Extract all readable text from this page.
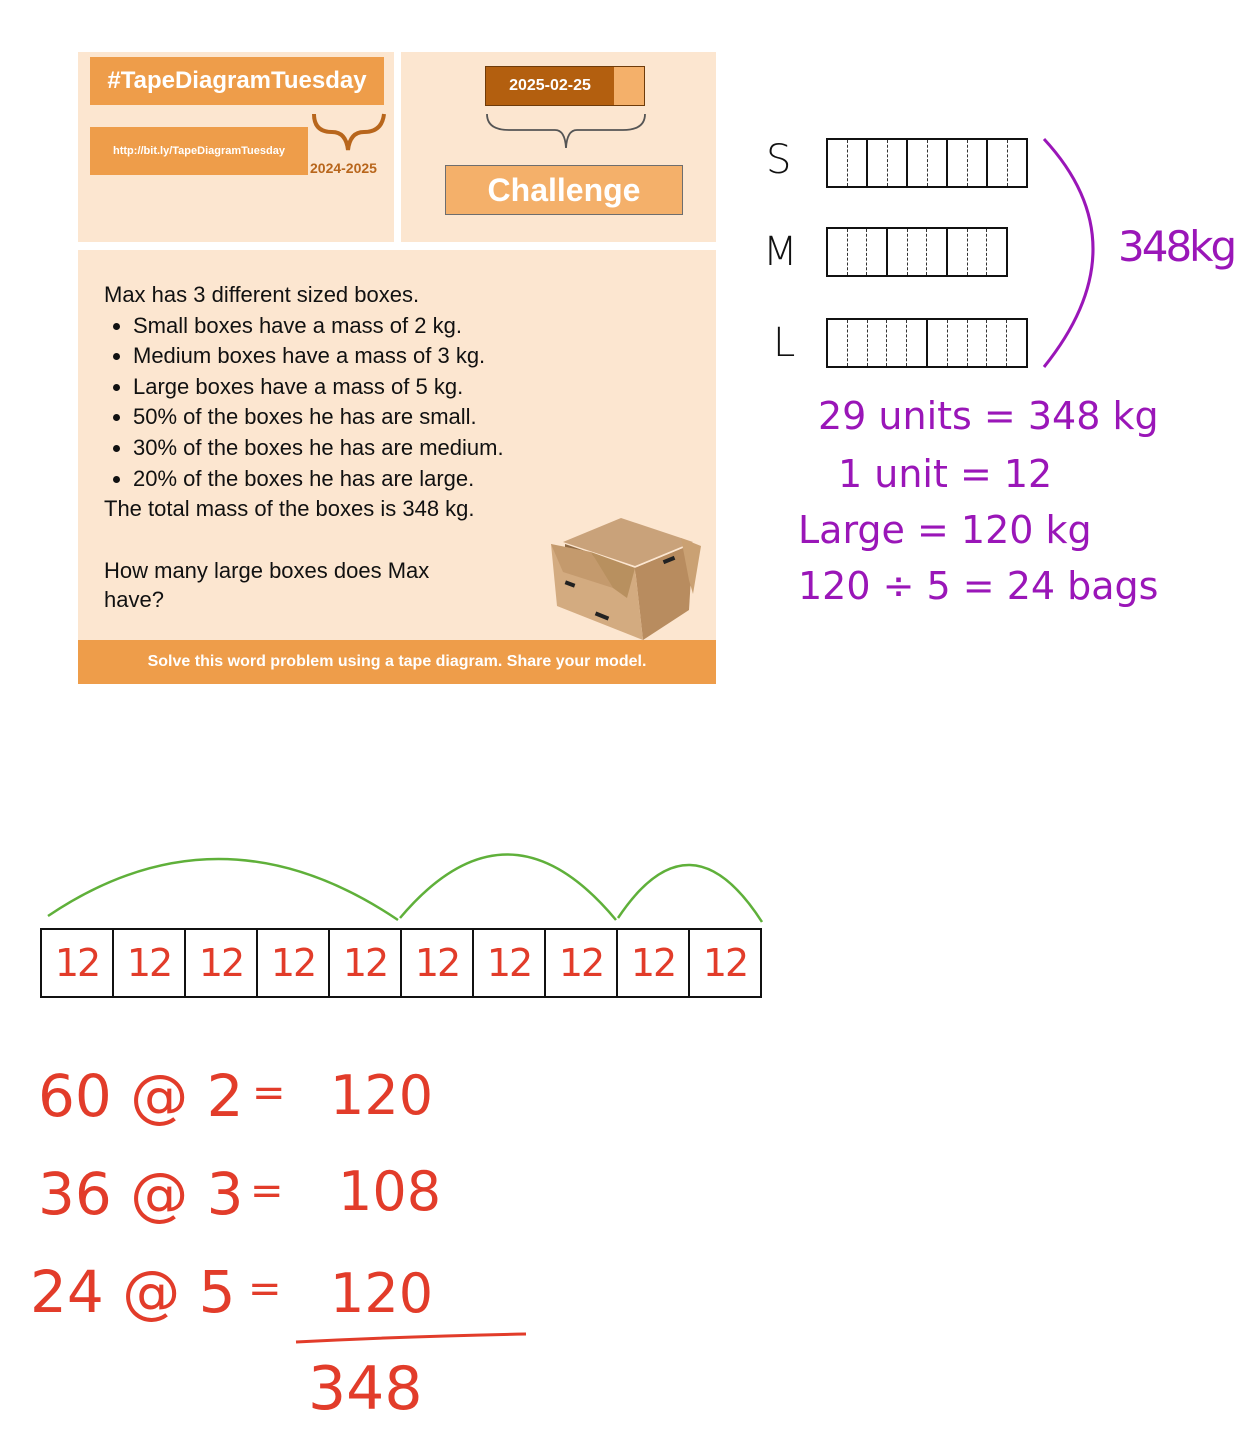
#TapeDiagramTuesday
http://bit.ly/TapeDiagramTuesday
2024-2025
2025-02-25
Challenge
Max has 3 different sized boxes.
• Small boxes have a mass of 2 kg.
• Medium boxes have a mass of 3 kg.
• Large boxes have a mass of 5 kg.
• 50% of the boxes he has are small.
• 30% of the boxes he has are medium.
• 20% of the boxes he has are large.
The total mass of the boxes is 348 kg.
How many large boxes does Max
have?
Solve this word problem using a tape diagram. Share your model.
S
M
L
348kg
29 units = 348 kg
1 unit = 12
Large = 120 kg
120 ÷ 5 = 24 bags
12 12 12 12 12 12 12 12 12 12
60 @ 2 = 120
36 @ 3 = 108
24 @ 5 = 120
348
